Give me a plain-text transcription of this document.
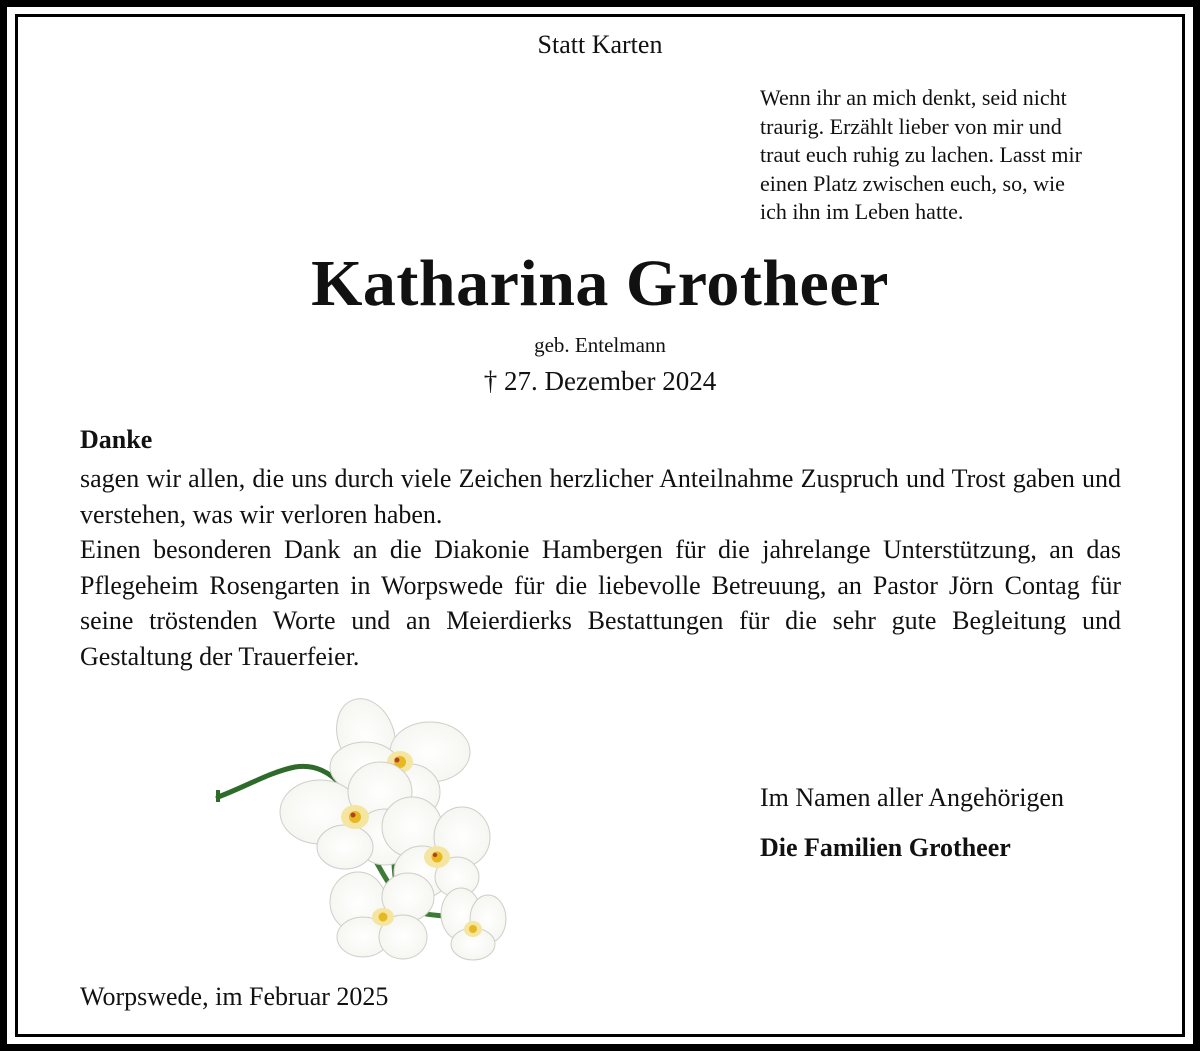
Statt Karten
Wenn ihr an mich denkt, seid nicht
traurig. Erzählt lieber von mir und
traut euch ruhig zu lachen. Lasst mir
einen Platz zwischen euch, so, wie
ich ihn im Leben hatte.
Katharina Grotheer
geb. Entelmann
† 27. Dezember 2024
Danke

sagen wir allen, die uns durch viele Zeichen herzlicher Anteilnahme Zuspruch und Trost gaben und verstehen, was wir verloren haben.

Einen besonderen Dank an die Diakonie Hambergen für die jahrelange Unterstützung, an das Pflegeheim Rosengarten in Worpswede für die liebevolle Betreuung, an Pastor Jörn Contag für seine tröstenden Worte und an Meierdierks Bestattungen für die sehr gute Begleitung und Gestaltung der Trauerfeier.

Im Namen aller Angehörigen
Die Familien Grotheer
Worpswede, im Februar 2025
